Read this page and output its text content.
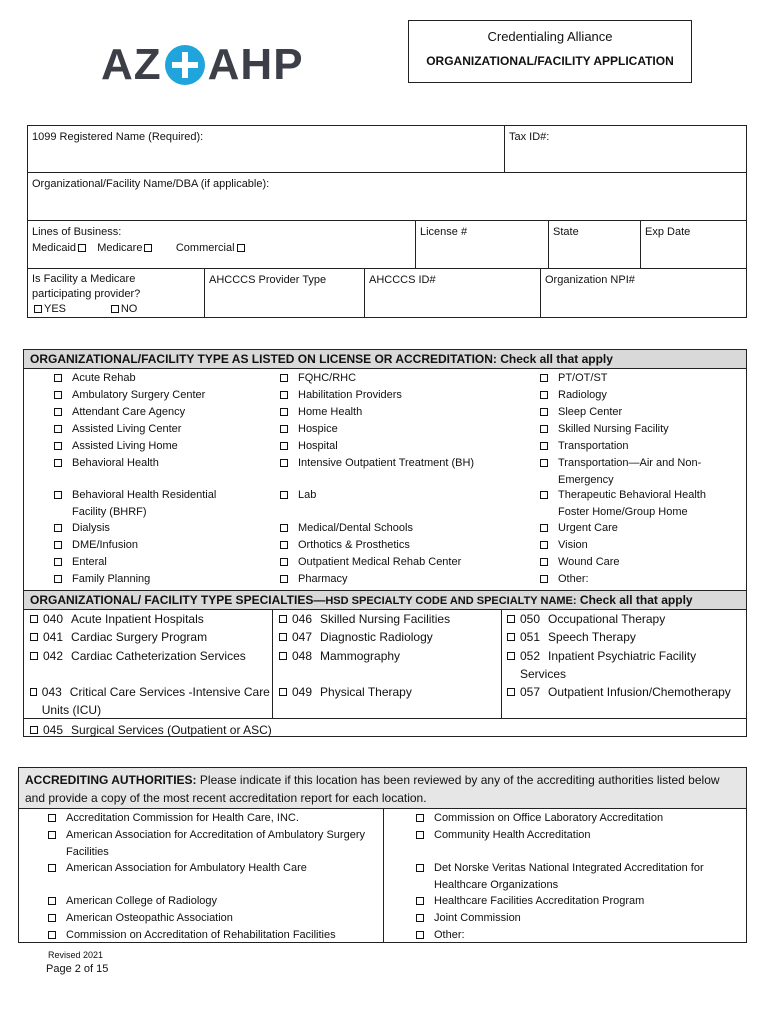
AZ AHP
Credentialing Alliance
ORGANIZATIONAL/FACILITY APPLICATION
1099 Registered Name (Required):	Tax ID#:
Organizational/Facility Name/DBA (if applicable):
Lines of Business:
Medicaid Medicare	Commercial
License #	State	Exp Date
Is Facility a Medicare participating provider?
YES	NO
AHCCCS Provider Type	AHCCCS ID#	Organization NPI#
ORGANIZATIONAL/FACILITY TYPE AS LISTED ON LICENSE OR ACCREDITATION: Check all that apply
Acute Rehab
Ambulatory Surgery Center
Attendant Care Agency
Assisted Living Center
Assisted Living Home
Behavioral Health
Behavioral Health Residential Facility (BHRF)
Dialysis
DME/Infusion
Enteral
Family Planning
FQHC/RHC
Habilitation Providers
Home Health
Hospice
Hospital
Intensive Outpatient Treatment (BH)
Lab
Medical/Dental Schools
Orthotics & Prosthetics
Outpatient Medical Rehab Center
Pharmacy
PT/OT/ST
Radiology
Sleep Center
Skilled Nursing Facility
Transportation
Transportation—Air and Non-Emergency
Therapeutic Behavioral Health Foster Home/Group Home
Urgent Care
Vision
Wound Care
Other:
ORGANIZATIONAL/ FACILITY TYPE SPECIALTIES—HSD SPECIALTY CODE AND SPECIALTY NAME: Check all that apply
040 Acute Inpatient Hospitals
041 Cardiac Surgery Program
042 Cardiac Catheterization Services
043 Critical Care Services -Intensive Care Units (ICU)
045 Surgical Services (Outpatient or ASC)
046 Skilled Nursing Facilities
047 Diagnostic Radiology
048 Mammography
049 Physical Therapy
050 Occupational Therapy
051 Speech Therapy
052 Inpatient Psychiatric Facility Services
057 Outpatient Infusion/Chemotherapy
ACCREDITING AUTHORITIES: Please indicate if this location has been reviewed by any of the accrediting authorities listed below and provide a copy of the most recent accreditation report for each location.
Accreditation Commission for Health Care, INC.
American Association for Accreditation of Ambulatory Surgery Facilities
American Association for Ambulatory Health Care
American College of Radiology
American Osteopathic Association
Commission on Accreditation of Rehabilitation Facilities
Commission on Office Laboratory Accreditation
Community Health Accreditation
Det Norske Veritas National Integrated Accreditation for Healthcare Organizations
Healthcare Facilities Accreditation Program
Joint Commission
Other:
Revised 2021
Page 2 of 15
